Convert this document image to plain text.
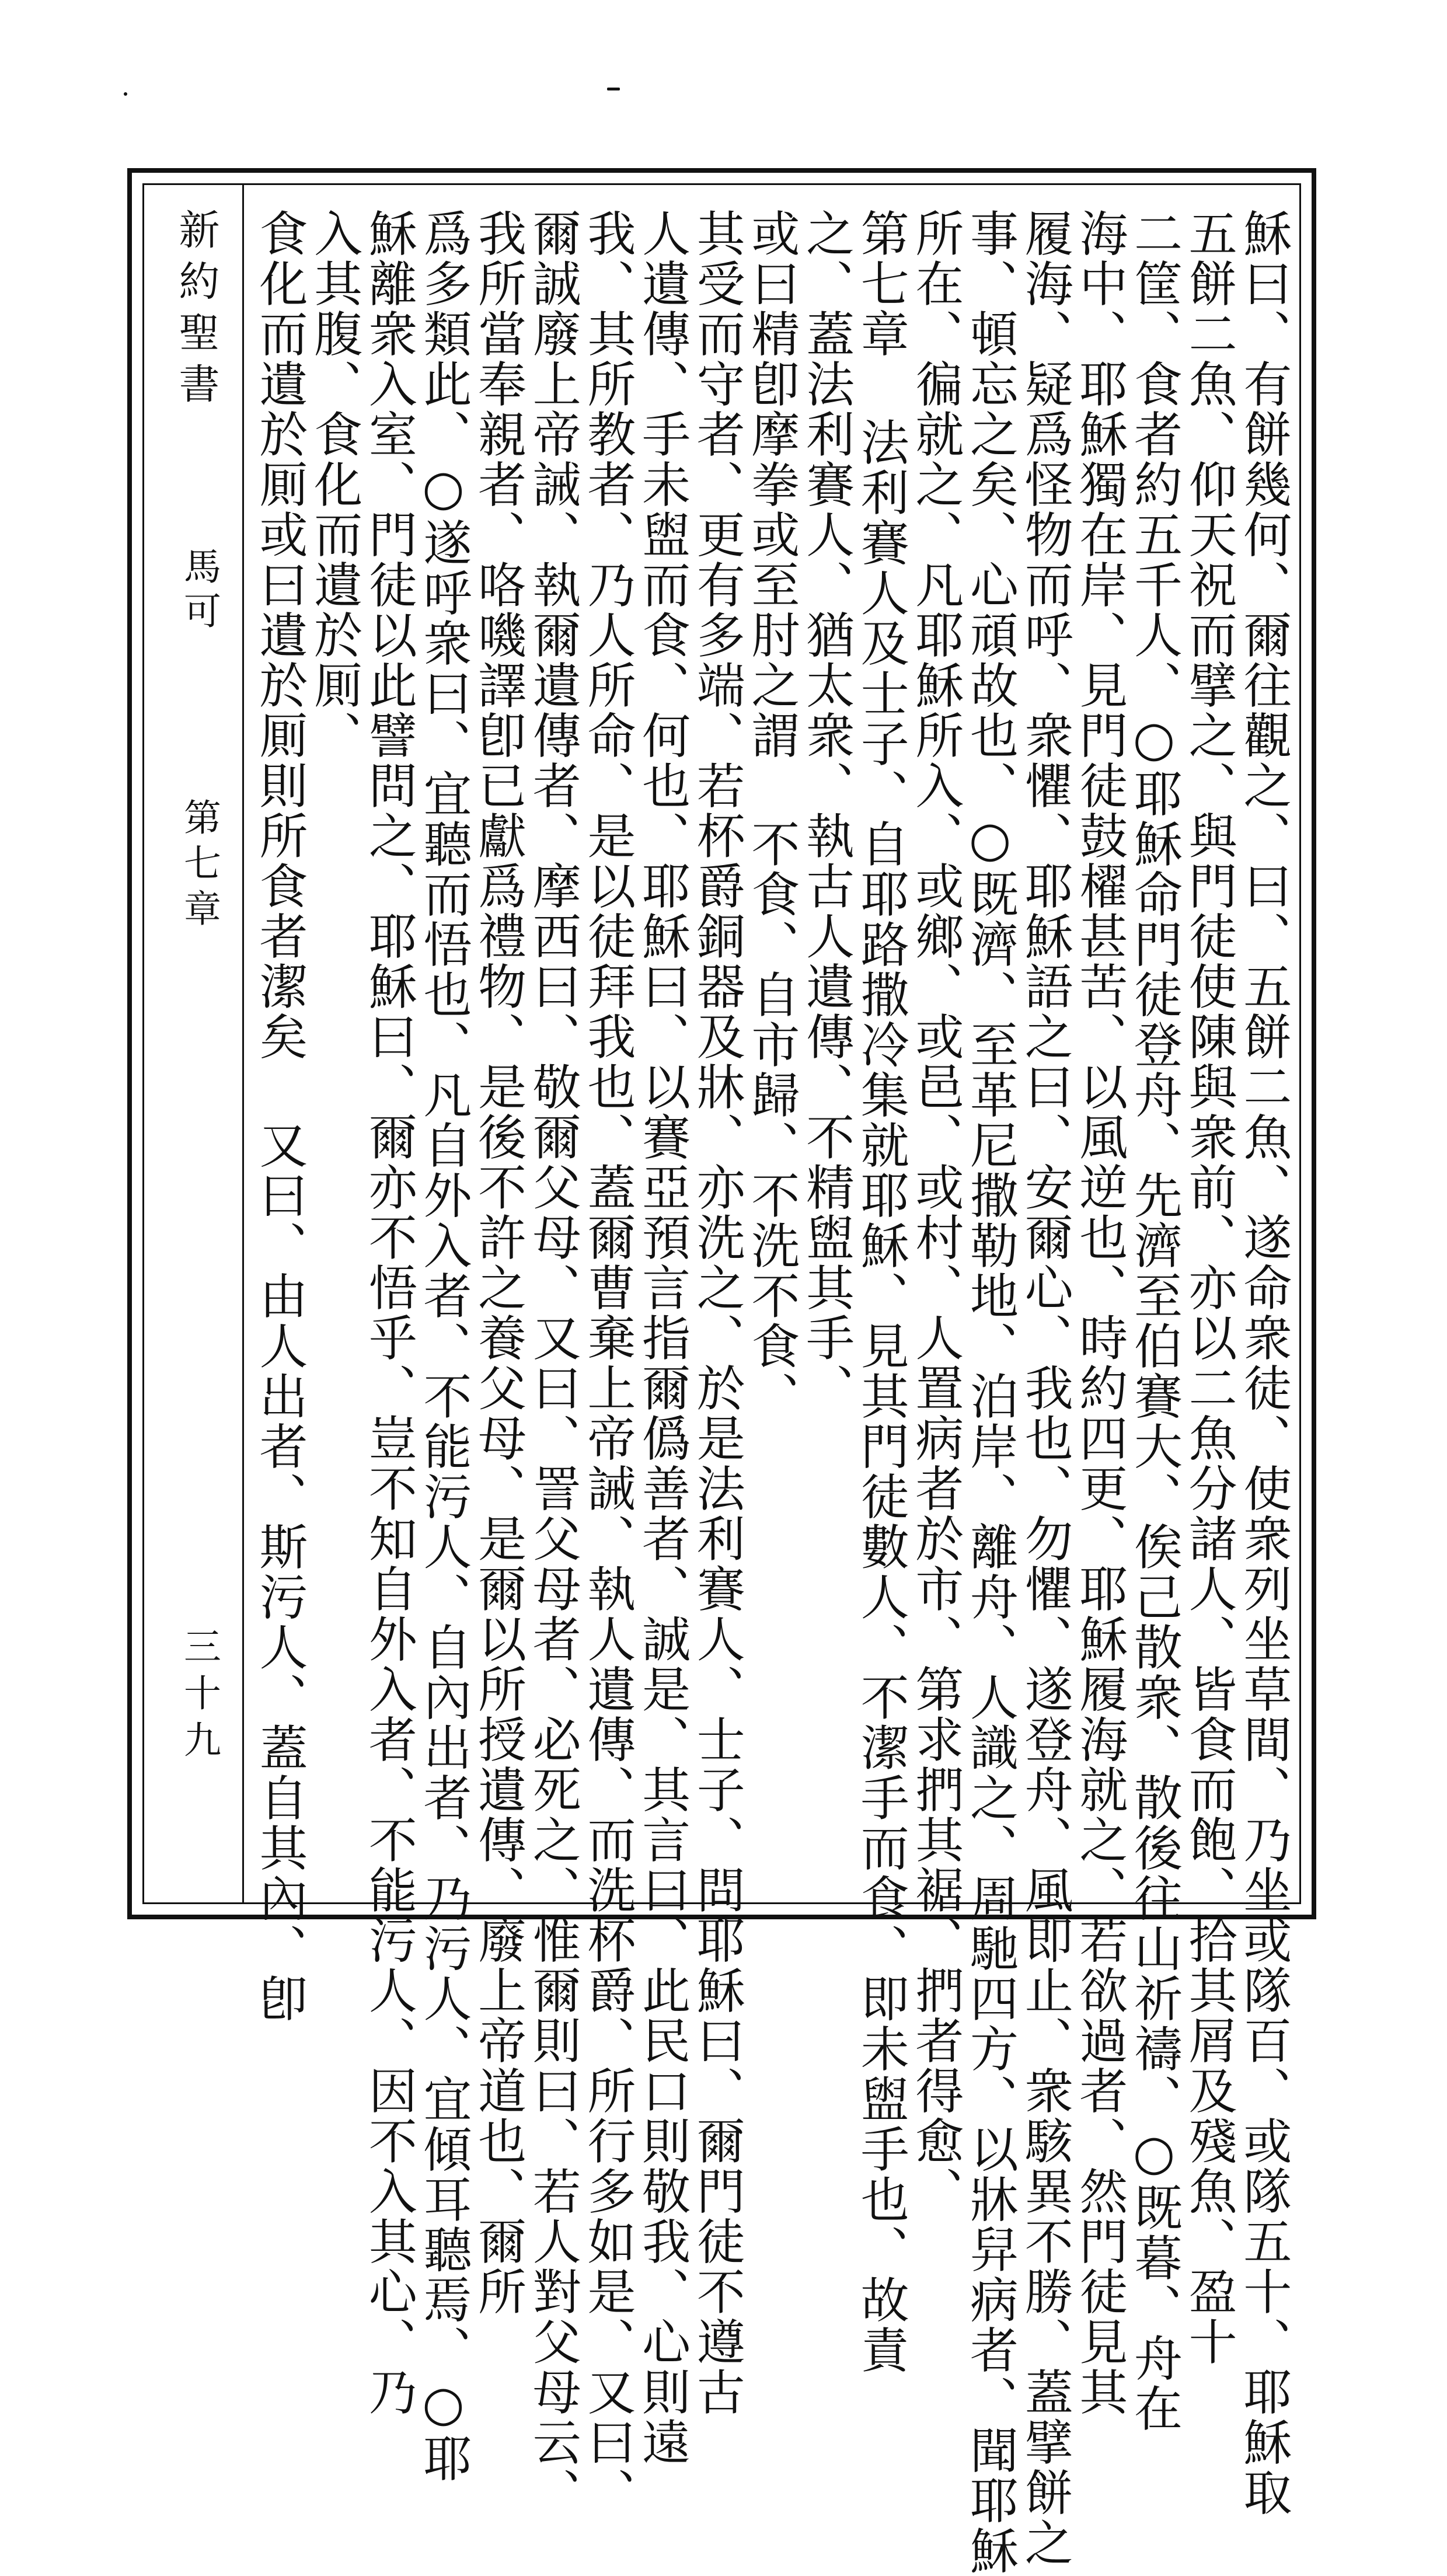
新約聖書
馬可
第七章
三十九	穌曰、有餅幾何、爾往觀之、曰、五餅二魚、遂命衆徒、使衆列坐草間、乃坐或隊百、或隊五十、耶穌取
五餅二魚、仰天祝而擘之、與門徒使陳與衆前、亦以二魚分諸人、皆食而飽、拾其屑及殘魚、盈十
二筐、食者約五千人、○耶穌命門徒登舟、先濟至伯賽大、俟己散衆、散後往山祈禱、○既暮、舟在
海中、耶穌獨在岸、見門徒鼓櫂甚苦、以風逆也、時約四更、耶穌履海就之、若欲過者、然門徒見其
履海、疑爲怪物而呼、衆懼、耶穌語之曰、安爾心、我也、勿懼、遂登舟、風即止、衆駭異不勝、蓋擘餅之
事、頓忘之矣、心頑故也、○既濟、至革尼撒勒地、泊岸、離舟、人識之、周馳四方、以牀舁病者、聞耶穌
所在、徧就之、凡耶穌所入、或鄉、或邑、或村、人置病者於市、第求捫其裾、捫者得愈、
第七章 法利賽人及士子、自耶路撒冷集就耶穌、見其門徒數人、不潔手而食、即未盥手也、故責
之、蓋法利賽人、猶太衆、執古人遺傳、不精盥其手、
或曰精卽摩拳或至肘之謂 不食、自市歸、不洗不食、
其受而守者、更有多端、若杯爵銅器及牀、亦洗之、於是法利賽人、士子、問耶穌曰、爾門徒不遵古
人遺傳、手未盥而食、何也、耶穌曰、以賽亞預言指爾僞善者、誠是、其言曰、此民口則敬我、心則遠
我、其所教者、乃人所命、是以徒拜我也、蓋爾曹棄上帝誡、執人遺傳、而洗杯爵、所行多如是、又曰、
爾誠廢上帝誡、執爾遺傳者、摩西曰、敬爾父母、又曰、詈父母者、必死之、惟爾則曰、若人對父母云、
我所當奉親者、咯嘰譯卽已獻爲禮物、是後不許之養父母、是爾以所授遺傳、廢上帝道也、爾所
爲多類此、○遂呼衆曰、宜聽而悟也、凡自外入者、不能污人、自內出者、乃污人、宜傾耳聽焉、○耶
穌離衆入室、門徒以此譬問之、耶穌曰、爾亦不悟乎、豈不知自外入者、不能污人、因不入其心、乃
入其腹、食化而遺於厠、
食化而遺於厠或曰遺於厠則所食者潔矣 又曰、由人出者、斯污人、蓋自其內、卽
